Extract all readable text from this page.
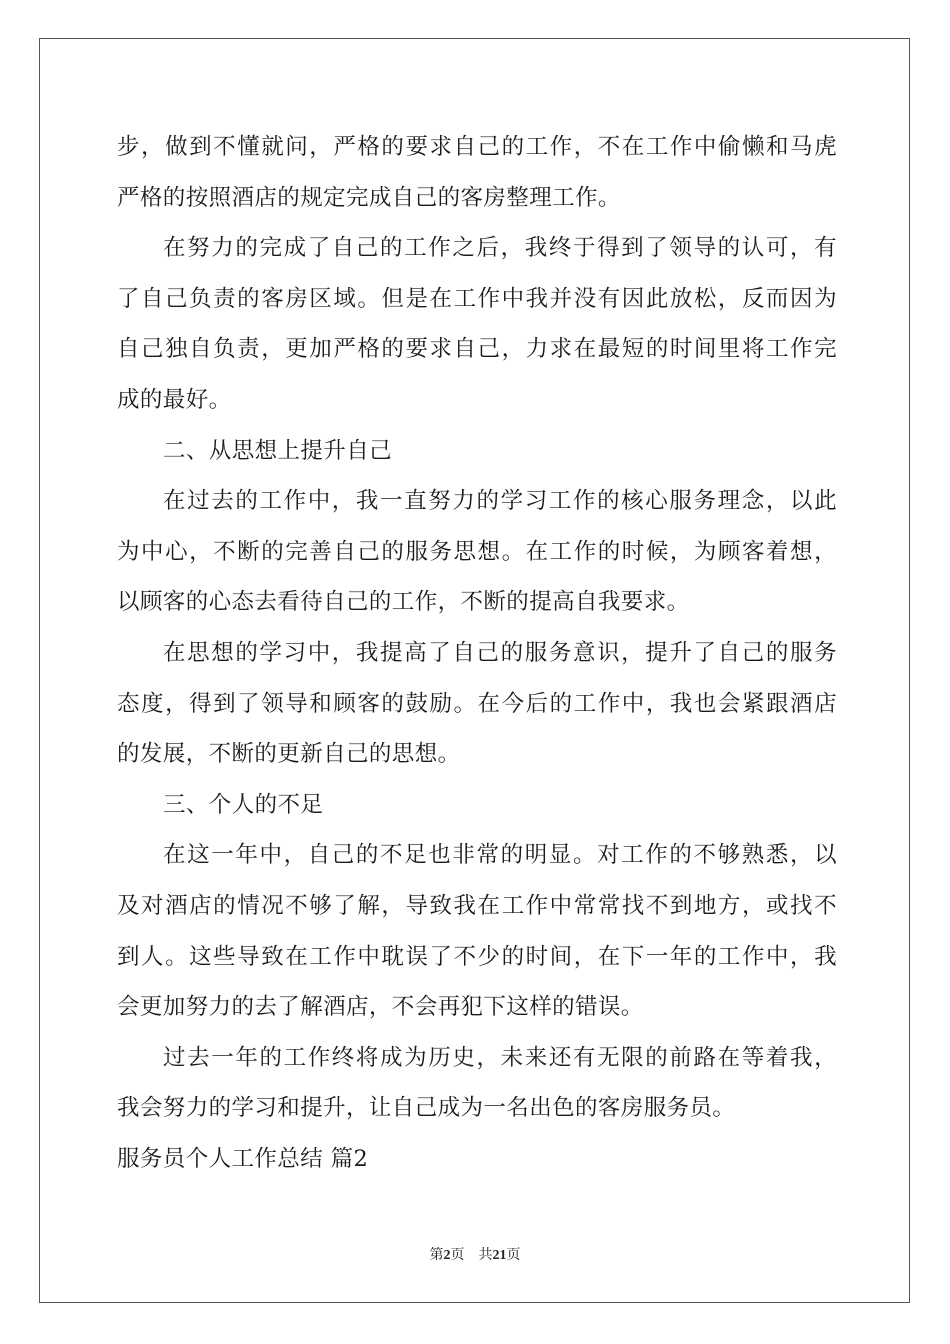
步，做到不懂就问，严格的要求自己的工作，不在工作中偷懒和马虎
严格的按照酒店的规定完成自己的客房整理工作。
在努力的完成了自己的工作之后，我终于得到了领导的认可，有
了自己负责的客房区域。但是在工作中我并没有因此放松，反而因为
自己独自负责，更加严格的要求自己，力求在最短的时间里将工作完
成的最好。
二、从思想上提升自己
在过去的工作中，我一直努力的学习工作的核心服务理念，以此
为中心，不断的完善自己的服务思想。在工作的时候，为顾客着想，
以顾客的心态去看待自己的工作，不断的提高自我要求。
在思想的学习中，我提高了自己的服务意识，提升了自己的服务
态度，得到了领导和顾客的鼓励。在今后的工作中，我也会紧跟酒店
的发展，不断的更新自己的思想。
三、个人的不足
在这一年中，自己的不足也非常的明显。对工作的不够熟悉，以
及对酒店的情况不够了解，导致我在工作中常常找不到地方，或找不
到人。这些导致在工作中耽误了不少的时间，在下一年的工作中，我
会更加努力的去了解酒店，不会再犯下这样的错误。
过去一年的工作终将成为历史，未来还有无限的前路在等着我，
我会努力的学习和提升，让自己成为一名出色的客房服务员。
服务员个人工作总结 篇2
第2页 共21页
